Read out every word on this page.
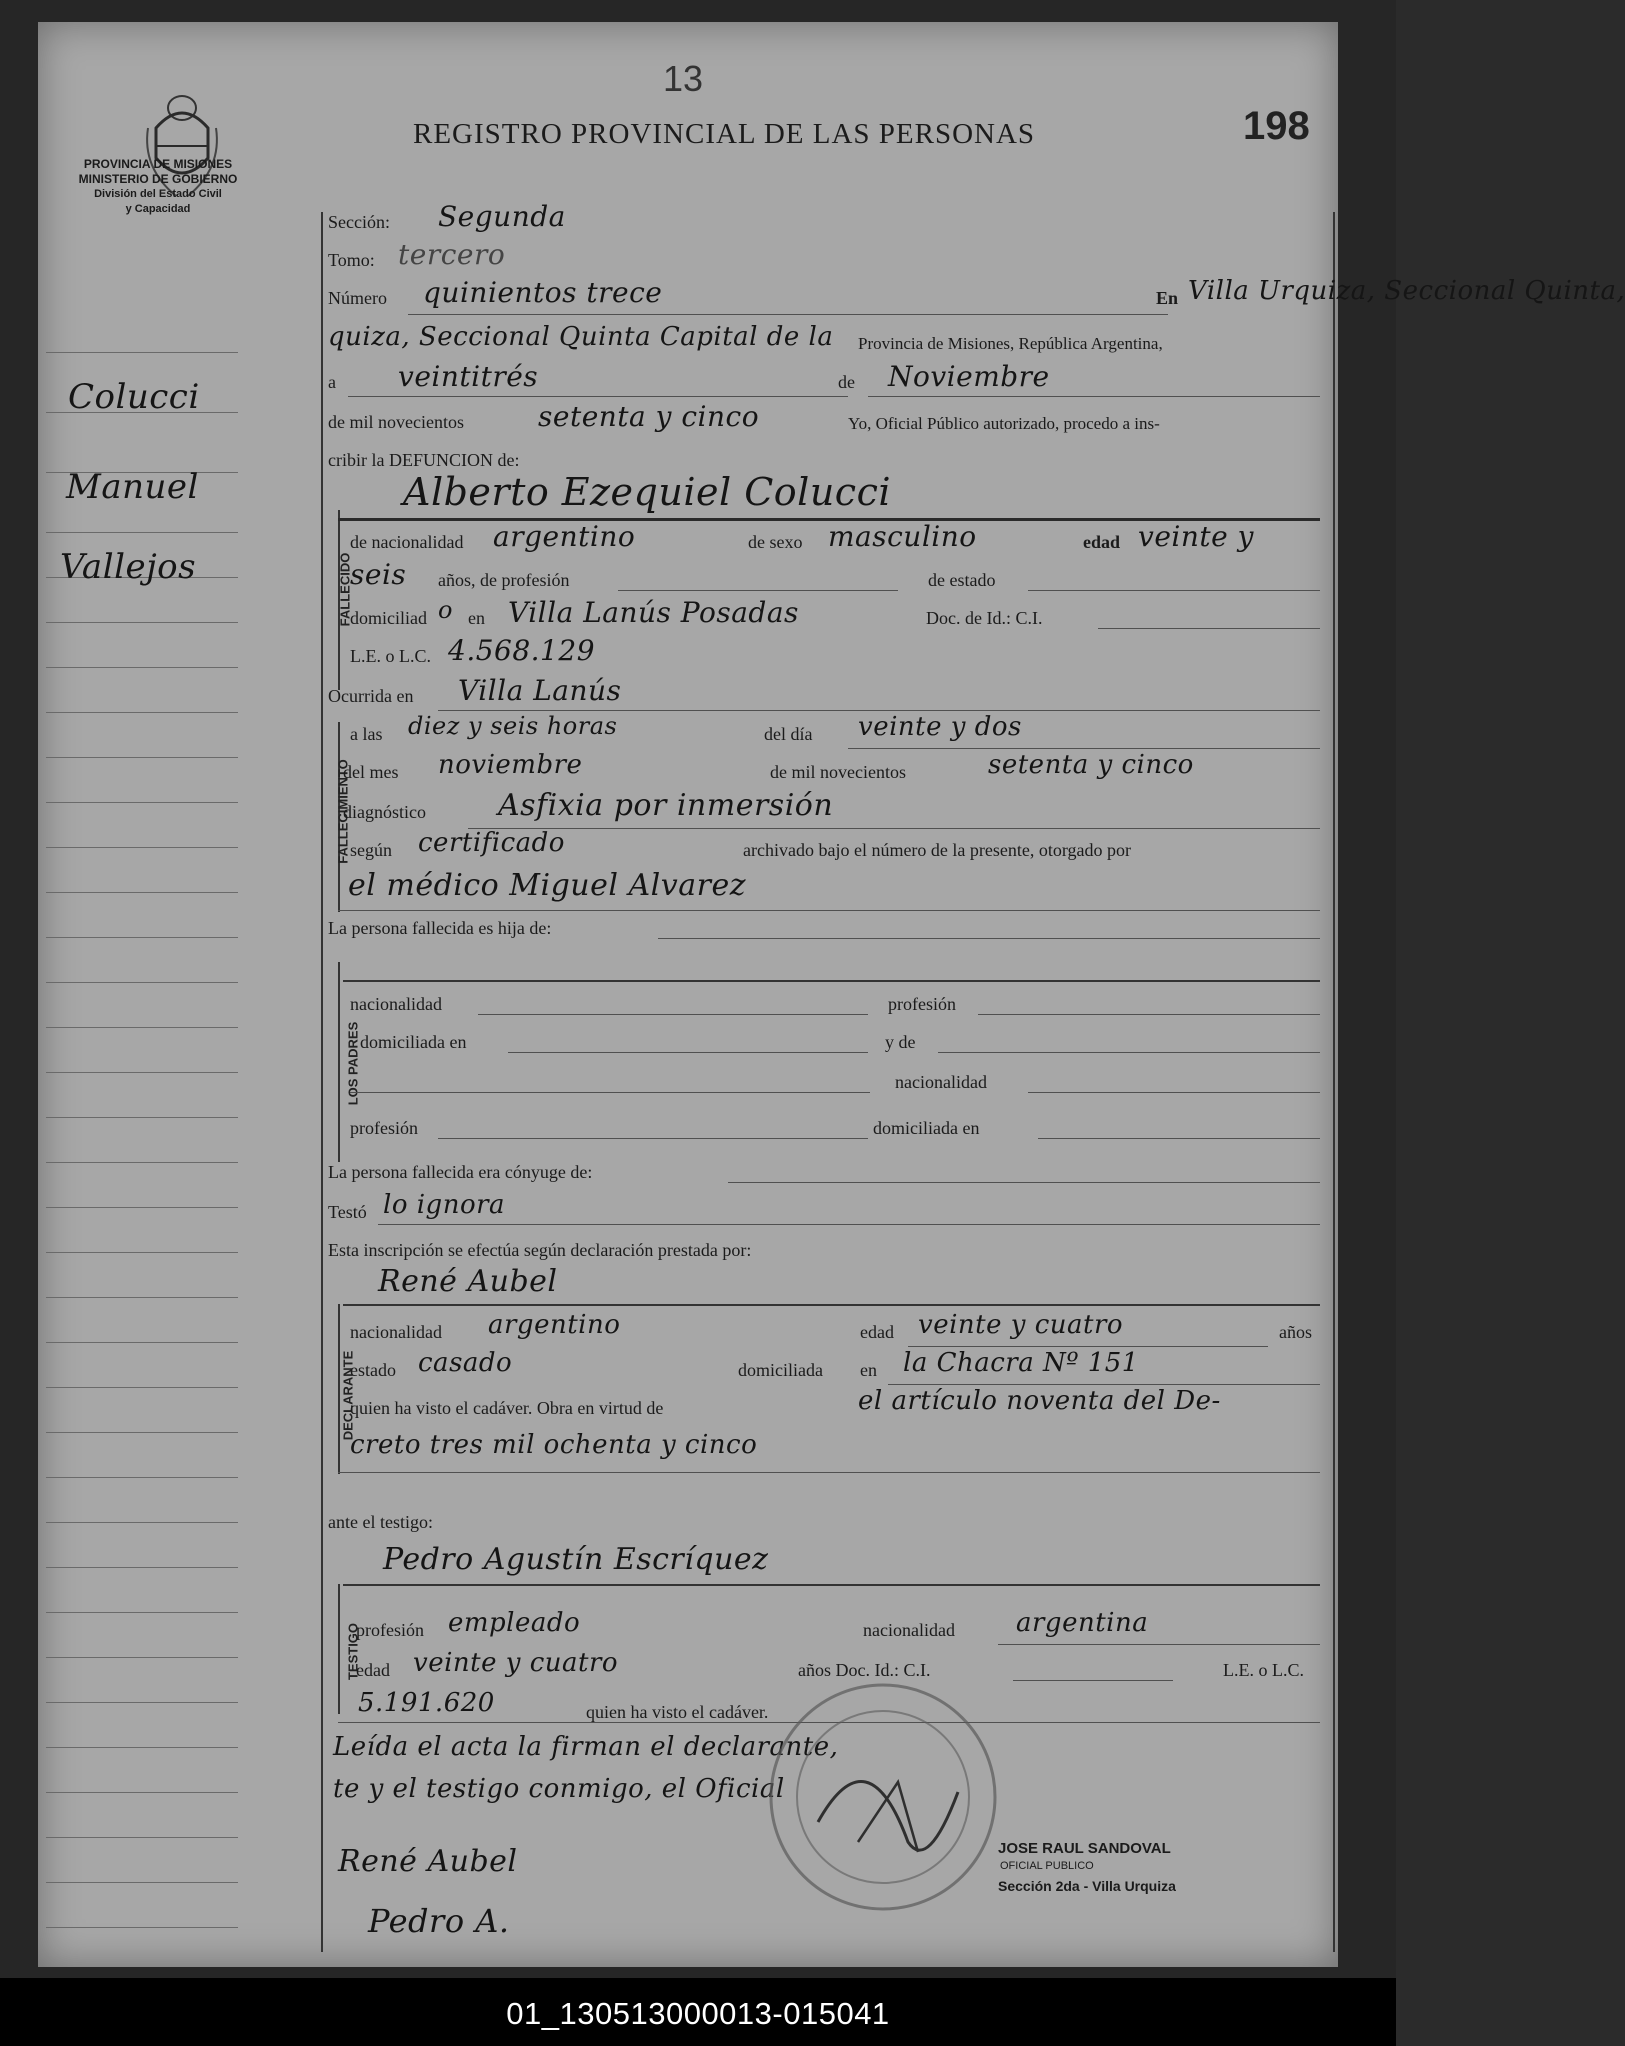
PROVINCIA DE MISIONES
MINISTERIO DE GOBIERNO
División del Estado Civil
y Capacidad
13
REGISTRO PROVINCIAL DE LAS PERSONAS	198
Colucci
Manuel
Vallejos
Sección: Segunda
Tomo: tercero
Número quinientos trece	En Villa Urquiza, Seccional Quinta,
quiza, Seccional Quinta Capital de la Provincia de Misiones, República Argentina,
a veintitrés	de Noviembre
de mil novecientos	setenta y cinco	Yo, Oficial Público autorizado, procedo a ins-
cribir la DEFUNCION de:
FALLECIDO
Alberto Ezequiel Colucci
de nacionalidad argentino	de sexo masculino	edad veinte y
seis años, de profesión	de estado
domiciliad o en Villa Lanús Posadas	Doc. de Id.: C.I.
L.E. o L.C. 4.568.129
Ocurrida en Villa Lanús
FALLECIMIENTO
a las diez y seis horas	del día veinte y dos
del mes noviembre	de mil novecientos	setenta y cinco
diagnóstico Asfixia por inmersión
según certificado	archivado bajo el número de la presente, otorgado por
el médico Miguel Alvarez
La persona fallecida es hija de:
LOS PADRES
nacionalidad	profesión
domiciliada en	y de
nacionalidad
profesión	domiciliada en
La persona fallecida era cónyuge de:
Testó lo ignora
Esta inscripción se efectúa según declaración prestada por:
René Aubel
DECLARANTE
nacionalidad argentino	edad veinte y cuatro	años
estado casado	domiciliada en la Chacra Nº 151
quien ha visto el cadáver. Obra en virtud de	el artículo noventa del De-
creto tres mil ochenta y cinco
ante el testigo:
Pedro Agustín Escríquez
TESTIGO
profesión empleado	nacionalidad argentina
edad veinte y cuatro	años Doc. Id.: C.I.	L.E. o L.C.
5.191.620	quien ha visto el cadáver.
Leída el acta la firman el declarante,
te y el testigo conmigo, el Oficial
JOSE RAUL SANDOVAL
OFICIAL PUBLICO
Sección 2da - Villa Urquiza
René Aubel
Pedro A.
01_130513000013-015041
